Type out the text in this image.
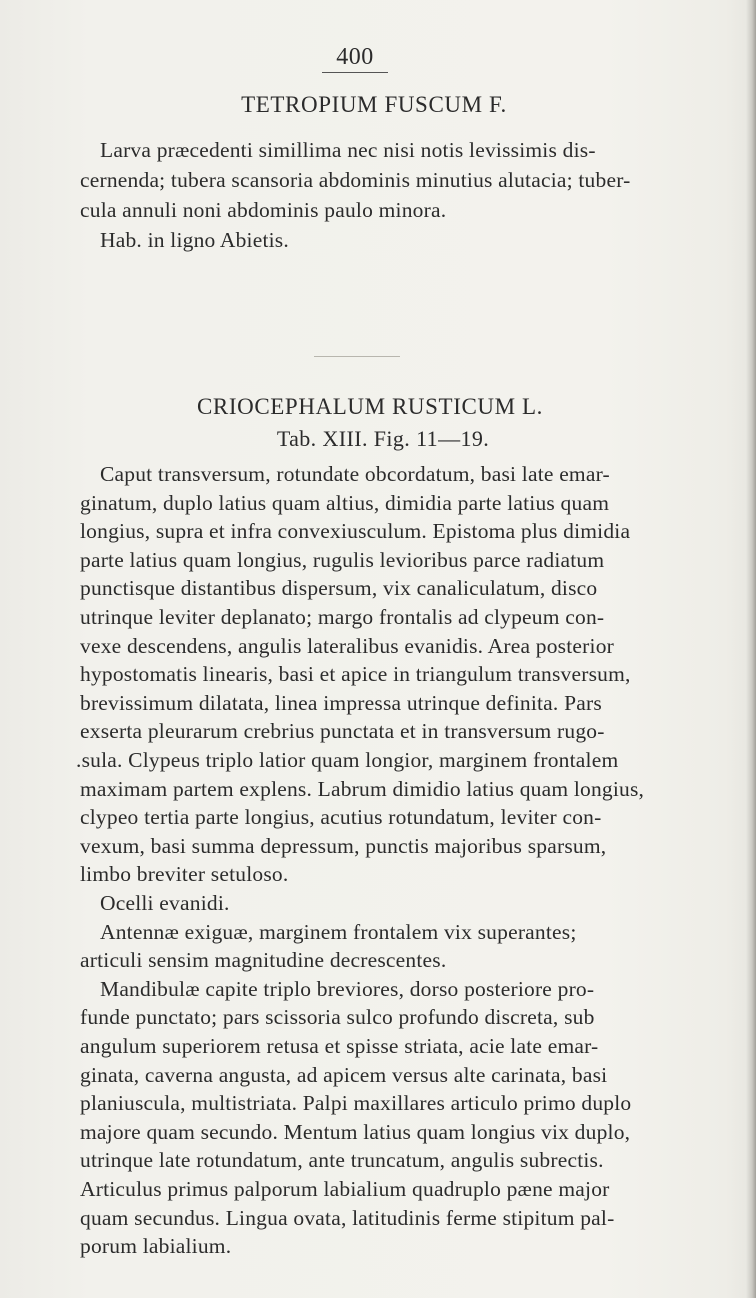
400
TETROPIUM FUSCUM F.
Larva præcedenti simillima nec nisi notis levissimis dis-
cernenda; tubera scansoria abdominis minutius alutacia; tuber-
cula annuli noni abdominis paulo minora.
Hab. in ligno Abietis.
CRIOCEPHALUM RUSTICUM L.
Tab. XIII. Fig. 11—19.
Caput transversum, rotundate obcordatum, basi late emar-
ginatum, duplo latius quam altius, dimidia parte latius quam
longius, supra et infra convexiusculum. Epistoma plus dimidia
parte latius quam longius, rugulis levioribus parce radiatum
punctisque distantibus dispersum, vix canaliculatum, disco
utrinque leviter deplanato; margo frontalis ad clypeum con-
vexe descendens, angulis lateralibus evanidis. Area posterior
hypostomatis linearis, basi et apice in triangulum transversum,
brevissimum dilatata, linea impressa utrinque definita. Pars
exserta pleurarum crebrius punctata et in transversum rugo-
.sula. Clypeus triplo latior quam longior, marginem frontalem
maximam partem explens. Labrum dimidio latius quam longius,
clypeo tertia parte longius, acutius rotundatum, leviter con-
vexum, basi summa depressum, punctis majoribus sparsum,
limbo breviter setuloso.
Ocelli evanidi.
Antennæ exiguæ, marginem frontalem vix superantes;
articuli sensim magnitudine decrescentes.
Mandibulæ capite triplo breviores, dorso posteriore pro-
funde punctato; pars scissoria sulco profundo discreta, sub
angulum superiorem retusa et spisse striata, acie late emar-
ginata, caverna angusta, ad apicem versus alte carinata, basi
planiuscula, multistriata. Palpi maxillares articulo primo duplo
majore quam secundo. Mentum latius quam longius vix duplo,
utrinque late rotundatum, ante truncatum, angulis subrectis.
Articulus primus palporum labialium quadruplo pæne major
quam secundus. Lingua ovata, latitudinis ferme stipitum pal-
porum labialium.
